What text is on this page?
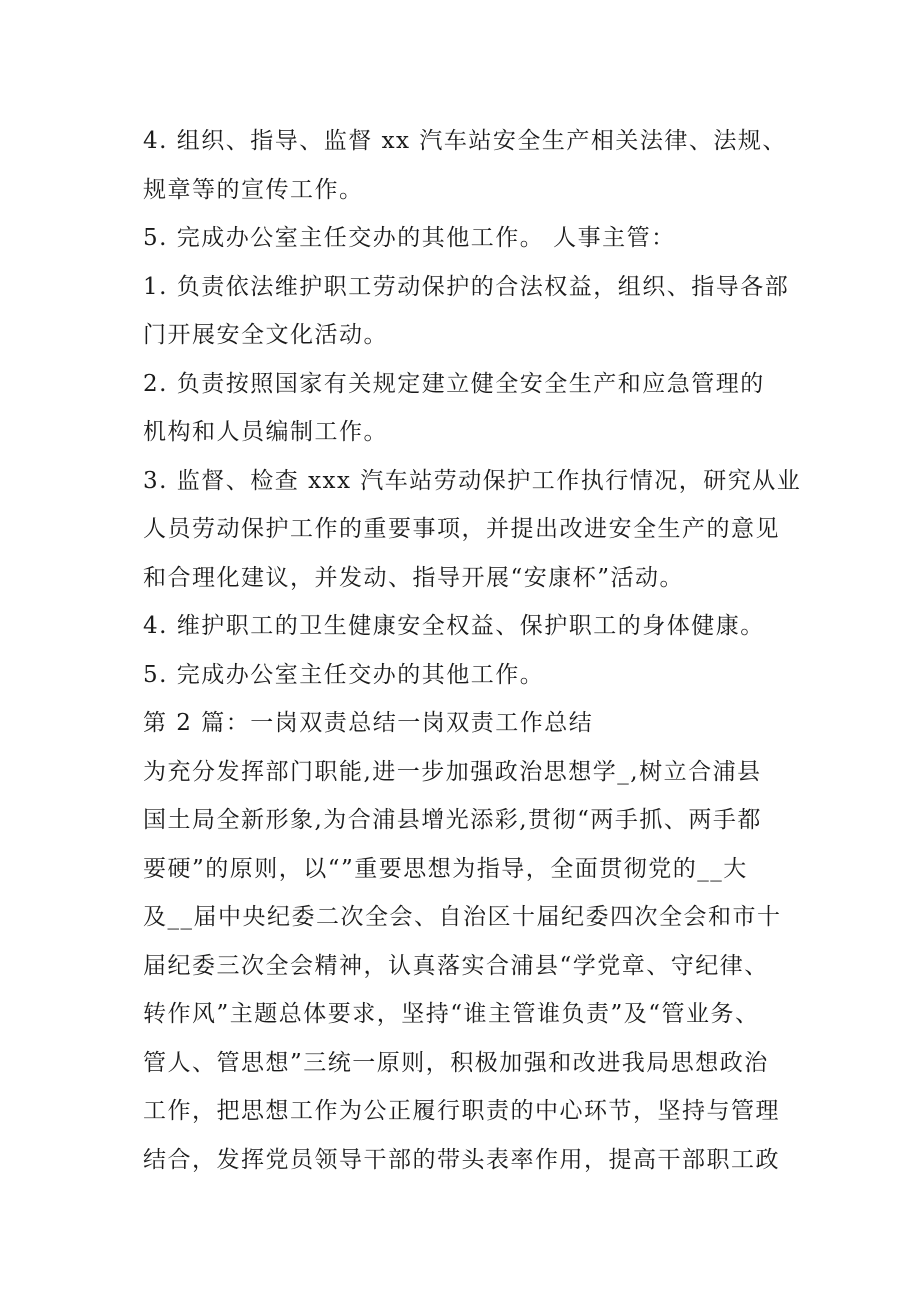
4. 组织、指导、监督 xx 汽车站安全生产相关法律、法规、
规章等的宣传工作。
5. 完成办公室主任交办的其他工作。 人事主管：
1. 负责依法维护职工劳动保护的合法权益，组织、指导各部
门开展安全文化活动。
2. 负责按照国家有关规定建立健全安全生产和应急管理的
机构和人员编制工作。
3. 监督、检查 xxx 汽车站劳动保护工作执行情况，研究从业
人员劳动保护工作的重要事项，并提出改进安全生产的意见
和合理化建议，并发动、指导开展“安康杯”活动。
4. 维护职工的卫生健康安全权益、保护职工的身体健康。
5. 完成办公室主任交办的其他工作。
第 2 篇：一岗双责总结一岗双责工作总结
为充分发挥部门职能,进一步加强政治思想学_,树立合浦县
国土局全新形象,为合浦县增光添彩,贯彻“两手抓、两手都
要硬”的原则，以“”重要思想为指导，全面贯彻党的__大
及__届中央纪委二次全会、自治区十届纪委四次全会和市十
届纪委三次全会精神，认真落实合浦县“学党章、守纪律、
转作风”主题总体要求，坚持“谁主管谁负责”及“管业务、
管人、管思想”三统一原则，积极加强和改进我局思想政治
工作，把思想工作为公正履行职责的中心环节，坚持与管理
结合，发挥党员领导干部的带头表率作用，提高干部职工政
